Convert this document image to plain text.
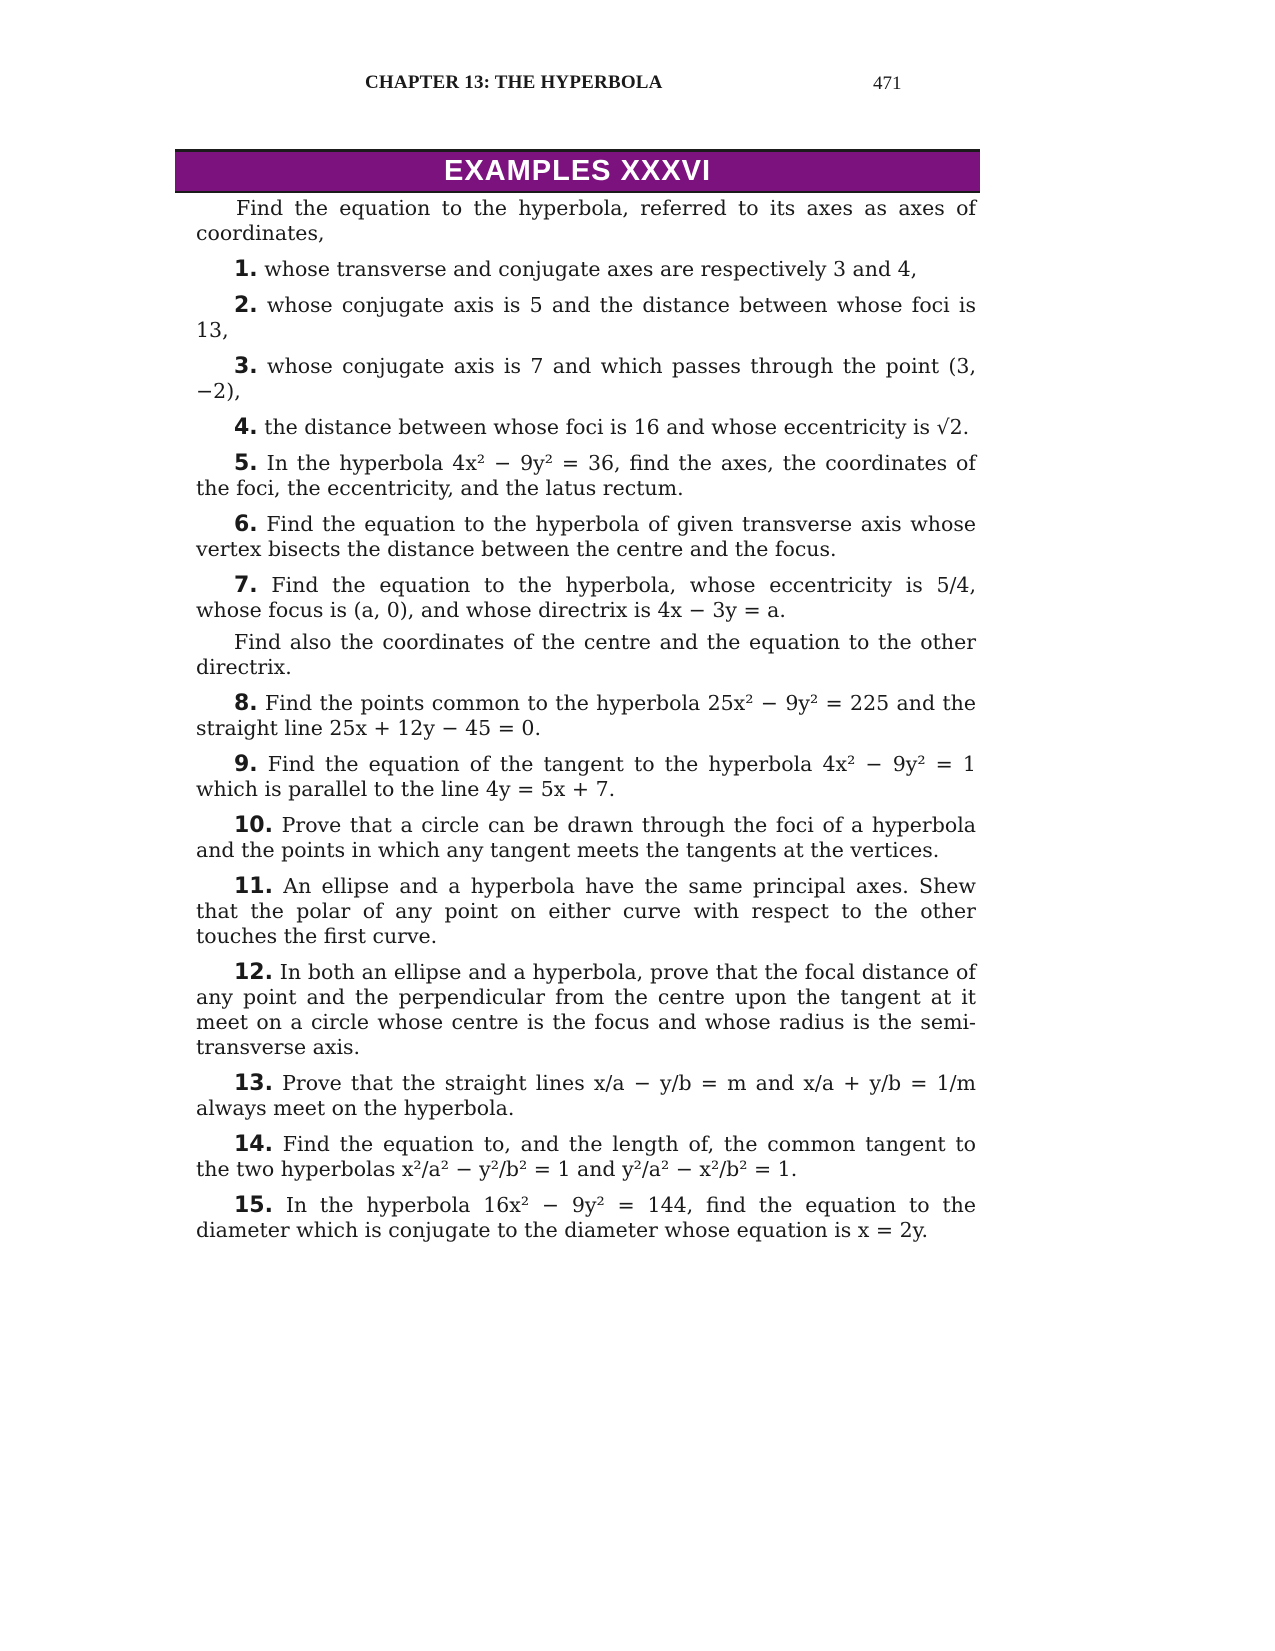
CHAPTER 13: THE HYPERBOLA	471
EXAMPLES XXXVI

Find the equation to the hyperbola, referred to its axes as axes of coordinates,

1. whose transverse and conjugate axes are respectively 3 and 4,

2. whose conjugate axis is 5 and the distance between whose foci is 13,

3. whose conjugate axis is 7 and which passes through the point (3, −2),

4. the distance between whose foci is 16 and whose eccentricity is √2.

5. In the hyperbola 4x² − 9y² = 36, find the axes, the coordinates of the foci, the eccentricity, and the latus rectum.

6. Find the equation to the hyperbola of given transverse axis whose vertex bisects the distance between the centre and the focus.

7. Find the equation to the hyperbola, whose eccentricity is 5/4, whose focus is (a, 0), and whose directrix is 4x − 3y = a.

Find also the coordinates of the centre and the equation to the other directrix.

8. Find the points common to the hyperbola 25x² − 9y² = 225 and the straight line 25x + 12y − 45 = 0.

9. Find the equation of the tangent to the hyperbola 4x² − 9y² = 1 which is parallel to the line 4y = 5x + 7.

10. Prove that a circle can be drawn through the foci of a hyperbola and the points in which any tangent meets the tangents at the vertices.

11. An ellipse and a hyperbola have the same principal axes. Shew that the polar of any point on either curve with respect to the other touches the first curve.

12. In both an ellipse and a hyperbola, prove that the focal distance of any point and the perpendicular from the centre upon the tangent at it meet on a circle whose centre is the focus and whose radius is the semi-transverse axis.

13. Prove that the straight lines x/a − y/b = m and x/a + y/b = 1/m always meet on the hyperbola.

14. Find the equation to, and the length of, the common tangent to the two hyperbolas x²/a² − y²/b² = 1 and y²/a² − x²/b² = 1.

15. In the hyperbola 16x² − 9y² = 144, find the equation to the diameter which is conjugate to the diameter whose equation is x = 2y.
